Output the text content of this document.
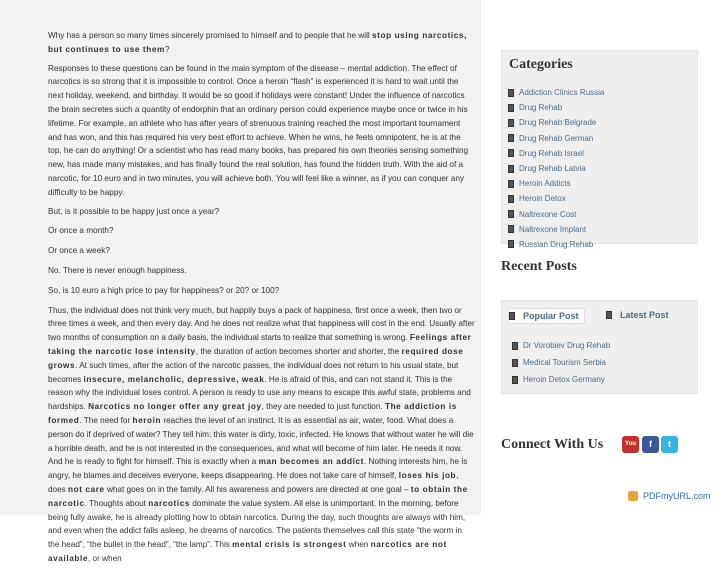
Why has a person so many times sincerely promised to himself and to people that he will stop using narcotics, but continues to use them?

Responses to these questions can be found in the main symptom of the disease – mental addiction. The effect of narcotics is so strong that it is impossible to control. Once a heroin “flash” is experienced it is hard to wait until the next holiday, weekend, and birthday. It would be so good if holidays were constant! Under the influence of narcotics the brain secretes such a quantity of endorphin that an ordinary person could experience maybe once or twice in his lifetime. For example, an athlete who has after years of strenuous training reached the most important tournament and has won, and this has required his very best effort to achieve. When he wins, he feels omnipotent, he is at the top, he can do anything! Or a scientist who has read many books, has prepared his own theories sensing something new, has made many mistakes, and has finally found the real solution, has found the hidden truth. With the aid of a narcotic, for 10 euro and in two minutes, you will achieve both. You will feel like a winner, as if you can conquer any difficulty to be happy.

But, is it possible to be happy just once a year?

Or once a month?

Or once a week?

No. There is never enough happiness.

So, is 10 euro a high price to pay for happiness? or 20? or 100?

Thus, the individual does not think very much, but happily buys a pack of happiness, first once a week, then two or three times a week, and then every day. And he does not realize what that happiness will cost in the end. Usually after two months of consumption on a daily basis, the individual starts to realize that something is wrong. Feelings after taking the narcotic lose intensity, the duration of action becomes shorter and shorter, the required dose grows. At such times, after the action of the narcotic passes, the individual does not return to his usual state, but becomes insecure, melancholic, depressive, weak. He is afraid of this, and can not stand it. This is the reason why the individual loses control. A person is ready to use any means to escape this awful state, problems and hardships. Narcotics no longer offer any great joy, they are needed to just function. The addiction is formed. The need for heroin reaches the level of an instinct. It is as essential as air, water, food. What does a person do if deprived of water? They tell him: this water is dirty, toxic, infected. He knows that without water he will die a horrible death, and he is not interested in the consequences, and what will become of him later. He needs it now. And he is ready to fight for himself. This is exactly when a man becomes an addict. Nothing interests him, he is angry, he blames and deceives everyone, keeps disappearing. He does not take care of himself, loses his job, does not care what goes on in the family. All his awareness and powers are directed at one goal – to obtain the narcotic. Thoughts about narcotics dominate the value system. All else is unimportant. In the morning, before being fully awake, he is already plotting how to obtain narcotics. During the day, such thoughts are always with him, and even when the addict falls asleep, he dreams of narcotics. The patients themselves call this state “the worm in the head”, “the bullet in the head”, “the lamp”. This mental crisis is strongest when narcotics are not available, or when

Categories
Addiction Clinics Russia
Drug Rehab
Drug Rehab Belgrade
Drug Rehab German
Drug Rehab Israel
Drug Rehab Latvia
Heroin Addicts
Heroin Detox
Naltrexone Cost
Naltrexone Implant
Russian Drug Rehab
Recent Posts
Popular Post	Latest Post
Dr Vorobiev Drug Rehab
Medical Tourism Serbia
Heroin Detox Germany
Connect With Us	You	f	t
PDFmyURL.com
